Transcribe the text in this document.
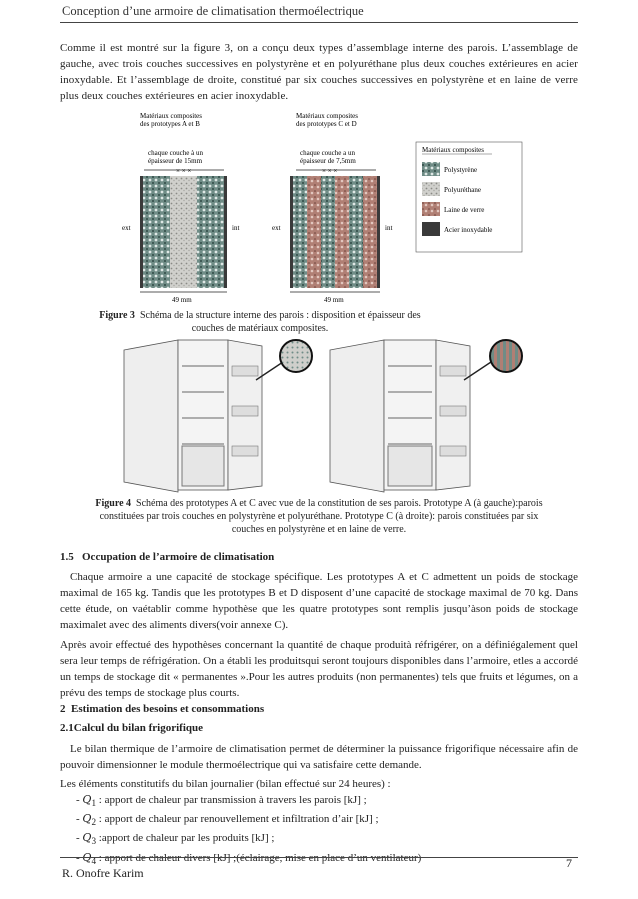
Conception d’une armoire de climatisation thermoélectrique
Comme il est montré sur la figure 3, on a conçu deux types d’assemblage interne des parois. L’assemblage de gauche, avec trois couches successives en polystyrène et en polyuréthane plus deux couches extérieures en acier inoxydable. Et l’assemblage de droite, constitué par six couches successives en polystyrène et en laine de verre plus deux couches extérieures en acier inoxydable.
Matériaux composites
des prototypes A et B
chaque couche à un
épaisseur de 15mm
× × ×
ext	int
49 mm
Matériaux composites
des prototypes C et D
chaque couche a un
épaisseur de 7,5mm
× × ×
ext	int
49 mm
Matériaux composites
Polystyrène
Polyuréthane
Laine de verre
Acier inoxydable
Figure 3 Schéma de la structure interne des parois : disposition et épaisseur des
couches de matériaux composites.
Figure 4 Schéma des prototypes A et C avec vue de la constitution de ses parois. Prototype A (à gauche):parois
constituées par trois couches en polystyrène et polyuréthane. Prototype C (à droite): parois constituées par six
couches en polystyrène et en laine de verre.
1.5 Occupation de l’armoire de climatisation
Chaque armoire a une capacité de stockage spécifique. Les prototypes A et C admettent un poids de stockage maximal de 165 kg. Tandis que les prototypes B et D disposent d’une capacité de stockage maximal de 70 kg. Dans cette étude, on vaétablir comme hypothèse que les quatre prototypes sont remplis jusqu’àson poids de stockage maximalet avec des aliments divers(voir annexe C).
Après avoir effectué des hypothèses concernant la quantité de chaque produità réfrigérer, on a définiégalement quel sera leur temps de réfrigération. On a établi les produitsqui seront toujours disponibles dans l’armoire, etles a accordé un temps de stockage dit « permanentes ».Pour les autres produits (non permanentes) tels que fruits et légumes, on a prévu des temps de stockage plus courts.
2 Estimation des besoins et consommations
2.1Calcul du bilan frigorifique
Le bilan thermique de l’armoire de climatisation permet de déterminer la puissance frigorifique nécessaire afin de pouvoir dimensionner le module thermoélectrique qui va satisfaire cette demande.
Les éléments constitutifs du bilan journalier (bilan effectué sur 24 heures) :
- $Q_1$ : apport de chaleur par transmission à travers les parois [kJ] ;
- $Q_2$ : apport de chaleur par renouvellement et infiltration d’air [kJ] ;
- $Q_3$ :apport de chaleur par les produits [kJ] ;
- $Q_4$ : apport de chaleur divers [kJ] ;(éclairage, mise en place d’un ventilateur)
R. Onofre Karim
7
